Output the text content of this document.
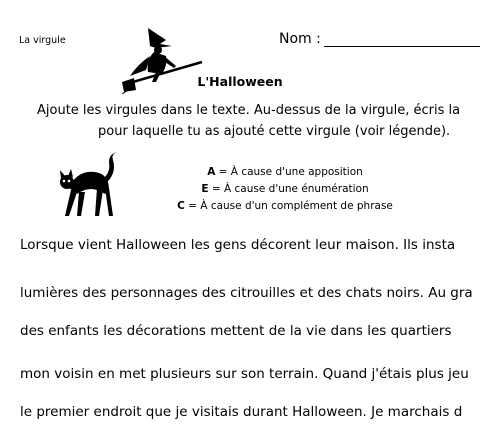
La virgule	Nom :
L'Halloween
Ajoute les virgules dans le texte. Au-dessus de la virgule, écris la
pour laquelle tu as ajouté cette virgule (voir légende).
A = À cause d'une apposition
E = À cause d'une énumération
C = À cause d'un complément de phrase
Lorsque vient Halloween les gens décorent leur maison. Ils insta
lumières des personnages des citrouilles et des chats noirs. Au gra
des enfants les décorations mettent de la vie dans les quartiers
mon voisin en met plusieurs sur son terrain. Quand j'étais plus jeu
le premier endroit que je visitais durant Halloween. Je marchais d
